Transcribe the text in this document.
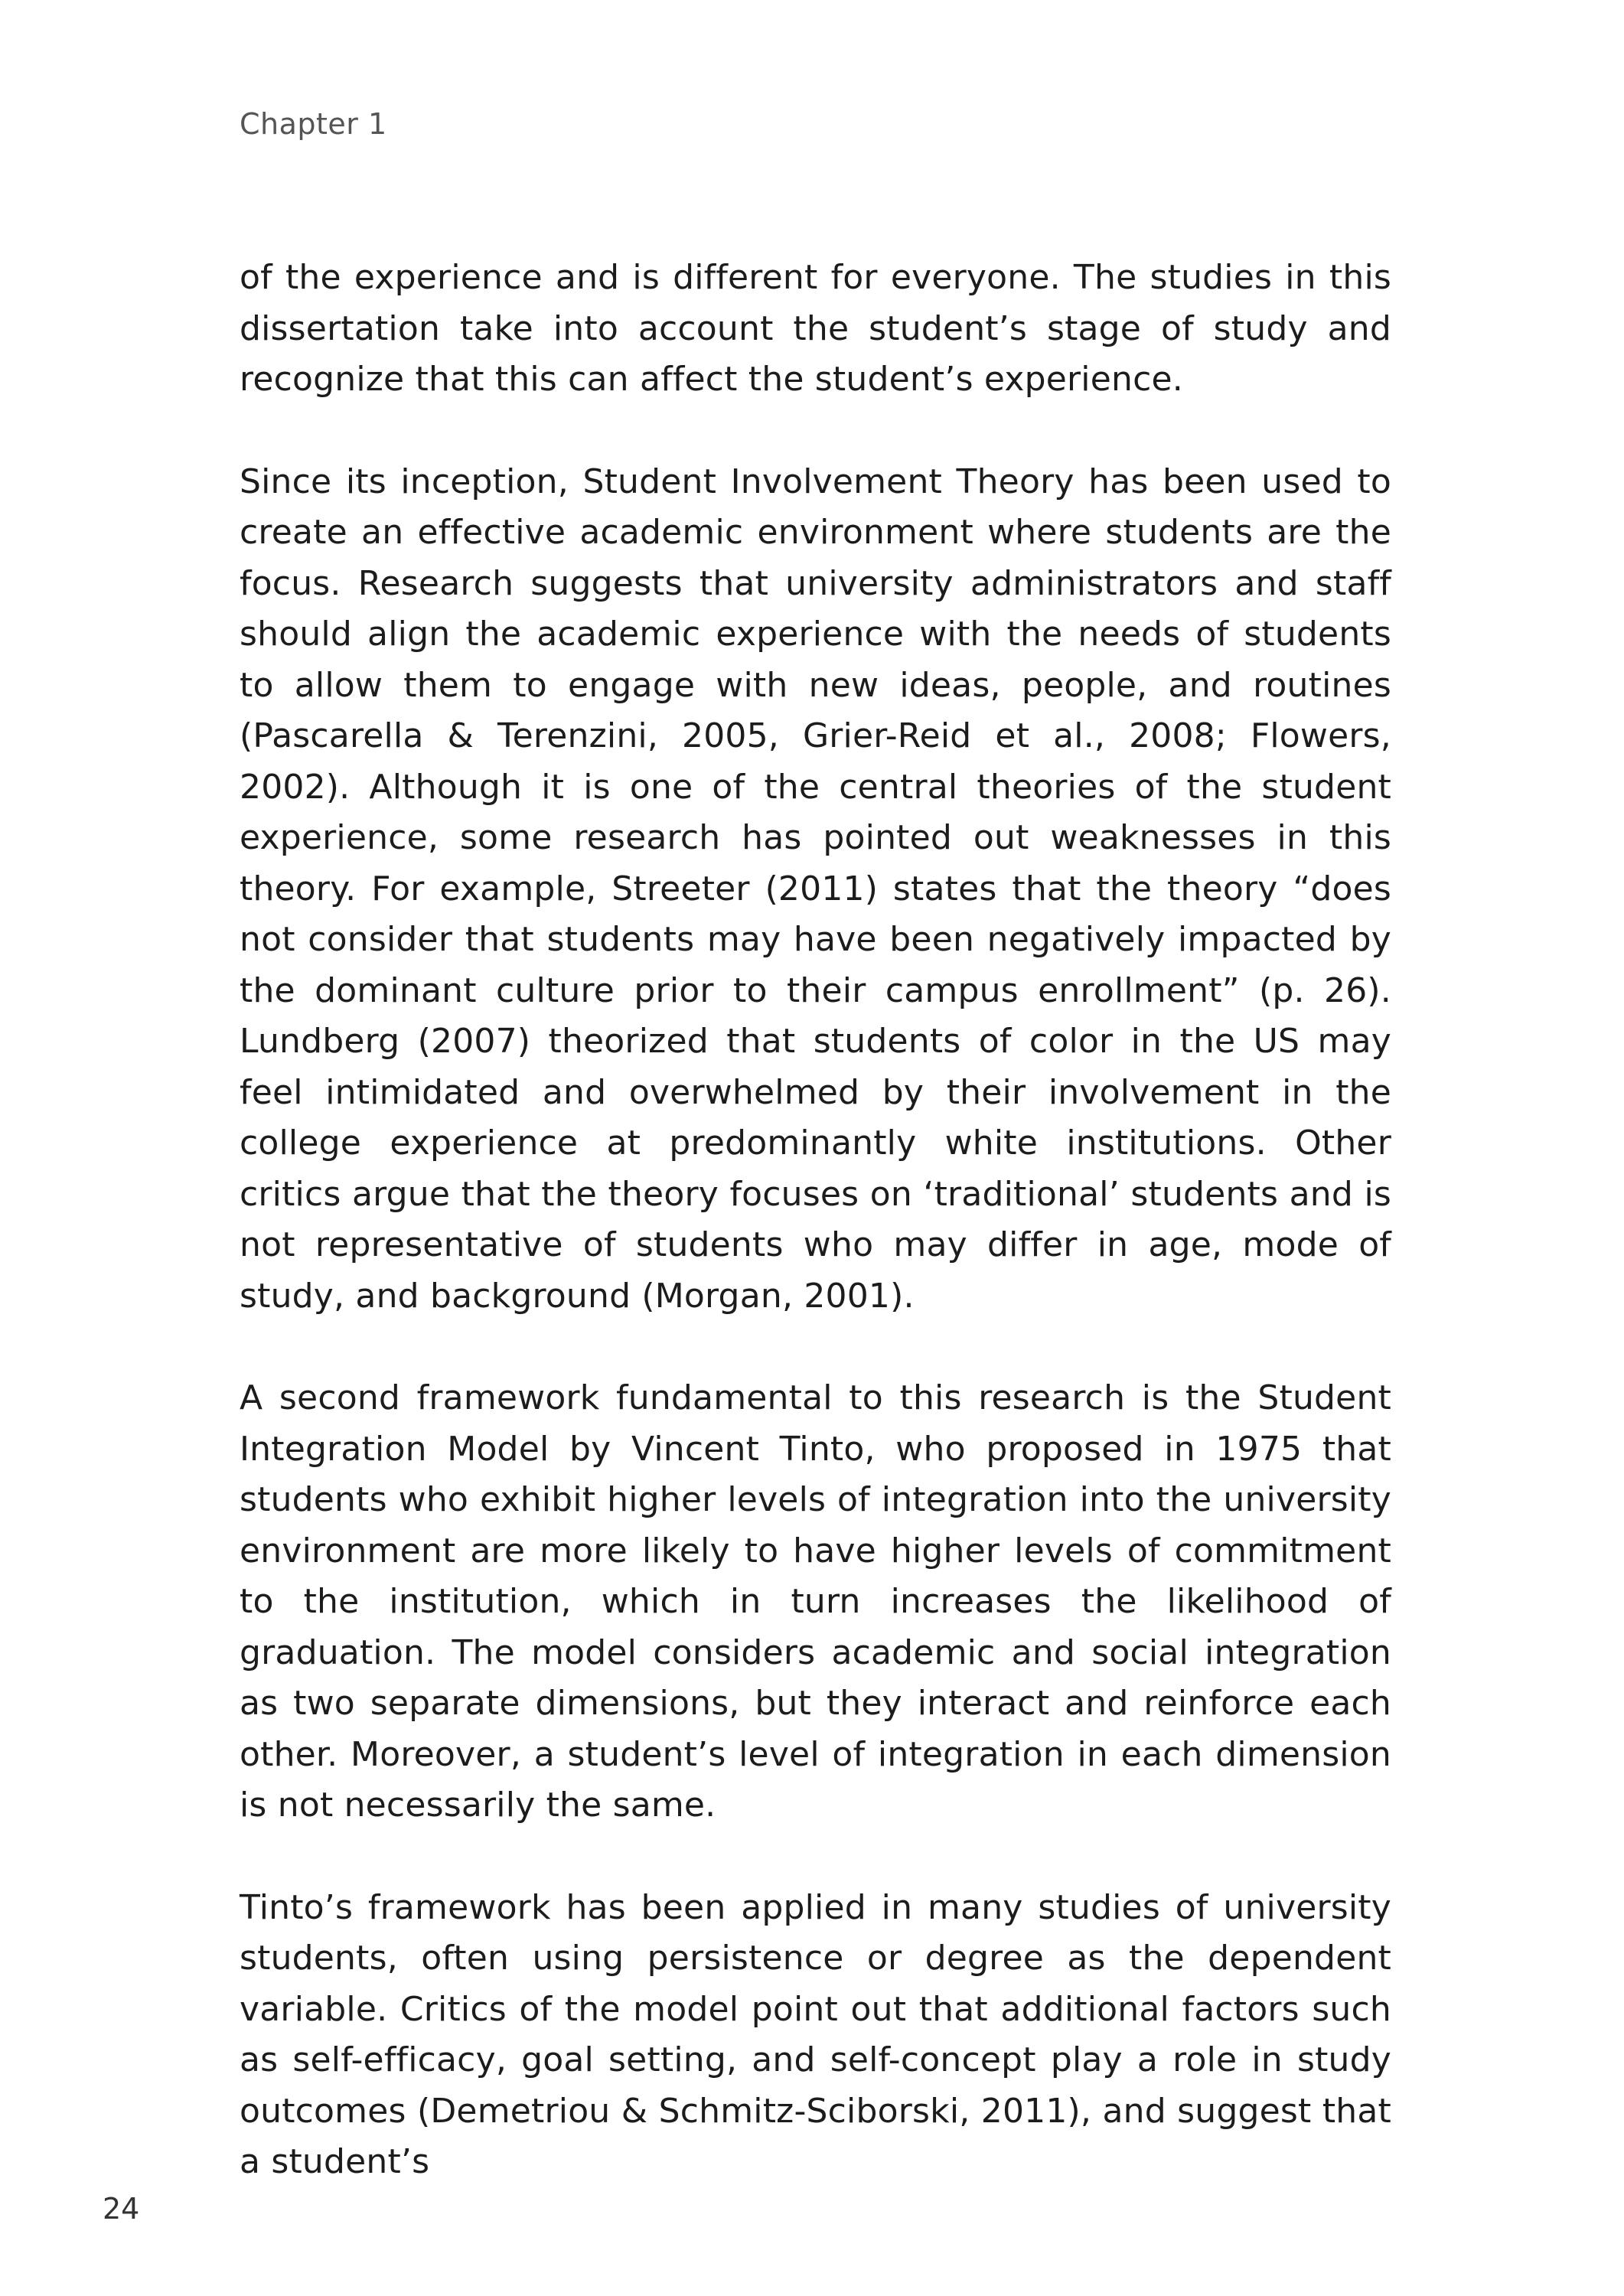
Chapter 1

of the experience and is different for everyone. The studies in this dissertation take into account the student’s stage of study and recognize that this can affect the student’s experience.

Since its inception, Student Involvement Theory has been used to create an effective academic environment where students are the focus. Research suggests that university administrators and staff should align the academic experience with the needs of students to allow them to engage with new ideas, people, and routines (Pascarella & Terenzini, 2005, Grier-Reid et al., 2008; Flowers, 2002). Although it is one of the central theories of the student experience, some research has pointed out weaknesses in this theory. For example, Streeter (2011) states that the theory “does not consider that students may have been negatively impacted by the dominant culture prior to their campus enrollment” (p. 26). Lundberg (2007) theorized that students of color in the US may feel intimidated and overwhelmed by their involvement in the college experience at predominantly white institutions. Other critics argue that the theory focuses on ‘traditional’ students and is not representative of students who may differ in age, mode of study, and background (Morgan, 2001).

A second framework fundamental to this research is the Student Integration Model by Vincent Tinto, who proposed in 1975 that students who exhibit higher levels of integration into the university environment are more likely to have higher levels of commitment to the institution, which in turn increases the likelihood of graduation. The model considers academic and social integration as two separate dimensions, but they interact and reinforce each other. Moreover, a student’s level of integration in each dimension is not necessarily the same.

Tinto’s framework has been applied in many studies of university students, often using persistence or degree as the dependent variable. Critics of the model point out that additional factors such as self-efficacy, goal setting, and self-concept play a role in study outcomes (Demetriou & Schmitz-Sciborski, 2011), and suggest that a student’s

24
